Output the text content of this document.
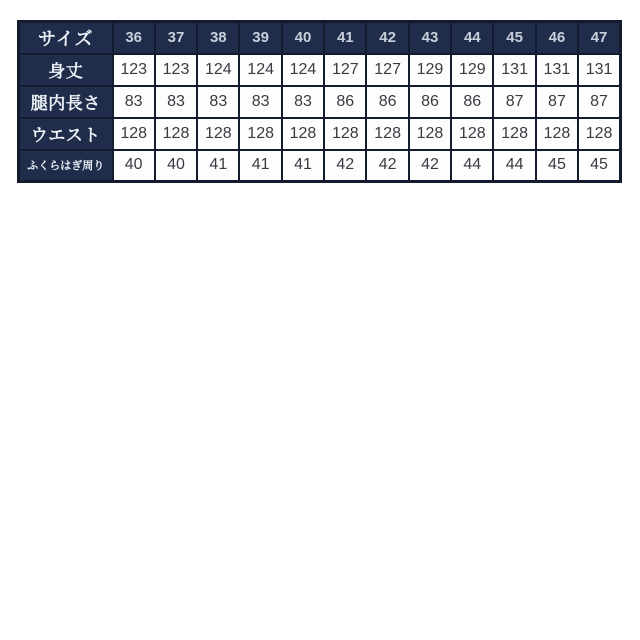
サイズ	36	37	38	39	40	41	42	43	44	45	46	47
身丈	123	123	124	124	124	127	127	129	129	131	131	131
腿内長さ	83	83	83	83	83	86	86	86	86	87	87	87
ウエスト	128	128	128	128	128	128	128	128	128	128	128	128
ふくらはぎ周り	40	40	41	41	41	42	42	42	44	44	45	45
